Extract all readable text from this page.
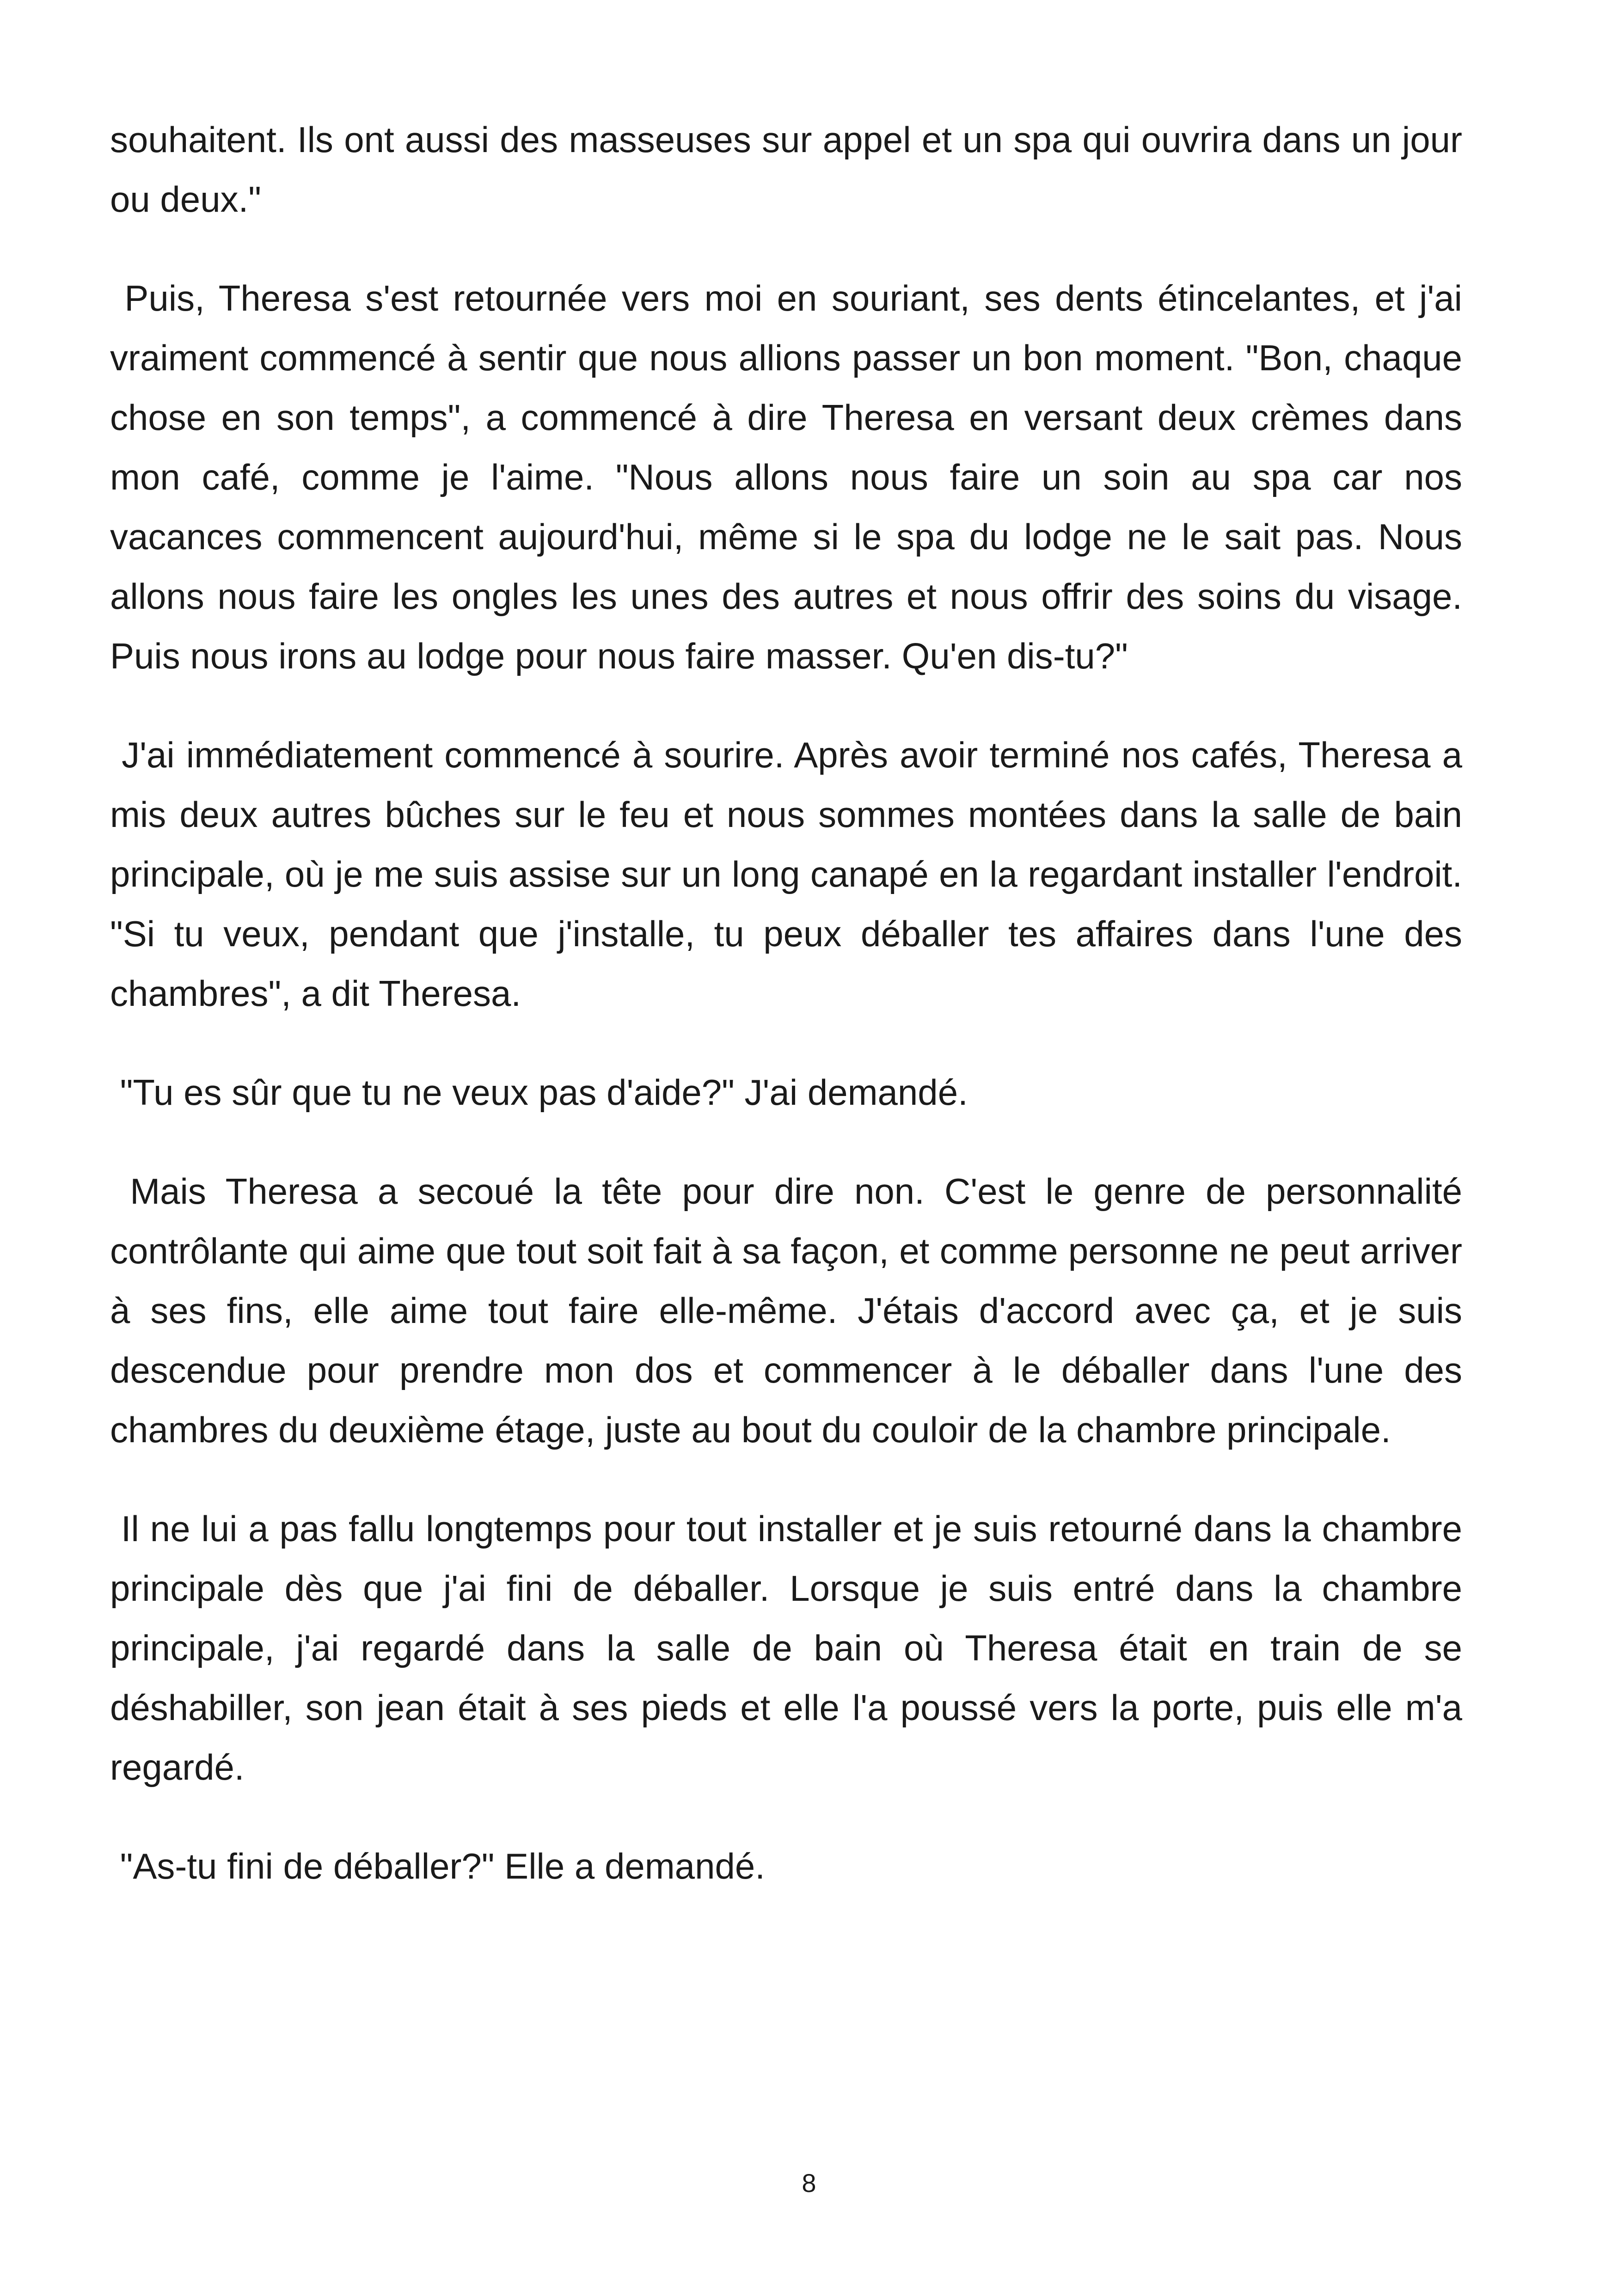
souhaitent. Ils ont aussi des masseuses sur appel et un spa qui ouvrira dans un jour ou deux."

Puis, Theresa s'est retournée vers moi en souriant, ses dents étincelantes, et j'ai vraiment commencé à sentir que nous allions passer un bon moment. "Bon, chaque chose en son temps", a commencé à dire Theresa en versant deux crèmes dans mon café, comme je l'aime. "Nous allons nous faire un soin au spa car nos vacances commencent aujourd'hui, même si le spa du lodge ne le sait pas. Nous allons nous faire les ongles les unes des autres et nous offrir des soins du visage. Puis nous irons au lodge pour nous faire masser. Qu'en dis-tu?"

J'ai immédiatement commencé à sourire. Après avoir terminé nos cafés, Theresa a mis deux autres bûches sur le feu et nous sommes montées dans la salle de bain principale, où je me suis assise sur un long canapé en la regardant installer l'endroit. "Si tu veux, pendant que j'installe, tu peux déballer tes affaires dans l'une des chambres", a dit Theresa.

"Tu es sûr que tu ne veux pas d'aide?" J'ai demandé.

Mais Theresa a secoué la tête pour dire non. C'est le genre de personnalité contrôlante qui aime que tout soit fait à sa façon, et comme personne ne peut arriver à ses fins, elle aime tout faire elle-même. J'étais d'accord avec ça, et je suis descendue pour prendre mon dos et commencer à le déballer dans l'une des chambres du deuxième étage, juste au bout du couloir de la chambre principale.

Il ne lui a pas fallu longtemps pour tout installer et je suis retourné dans la chambre principale dès que j'ai fini de déballer. Lorsque je suis entré dans la chambre principale, j'ai regardé dans la salle de bain où Theresa était en train de se déshabiller, son jean était à ses pieds et elle l'a poussé vers la porte, puis elle m'a regardé.

"As-tu fini de déballer?" Elle a demandé.

8
